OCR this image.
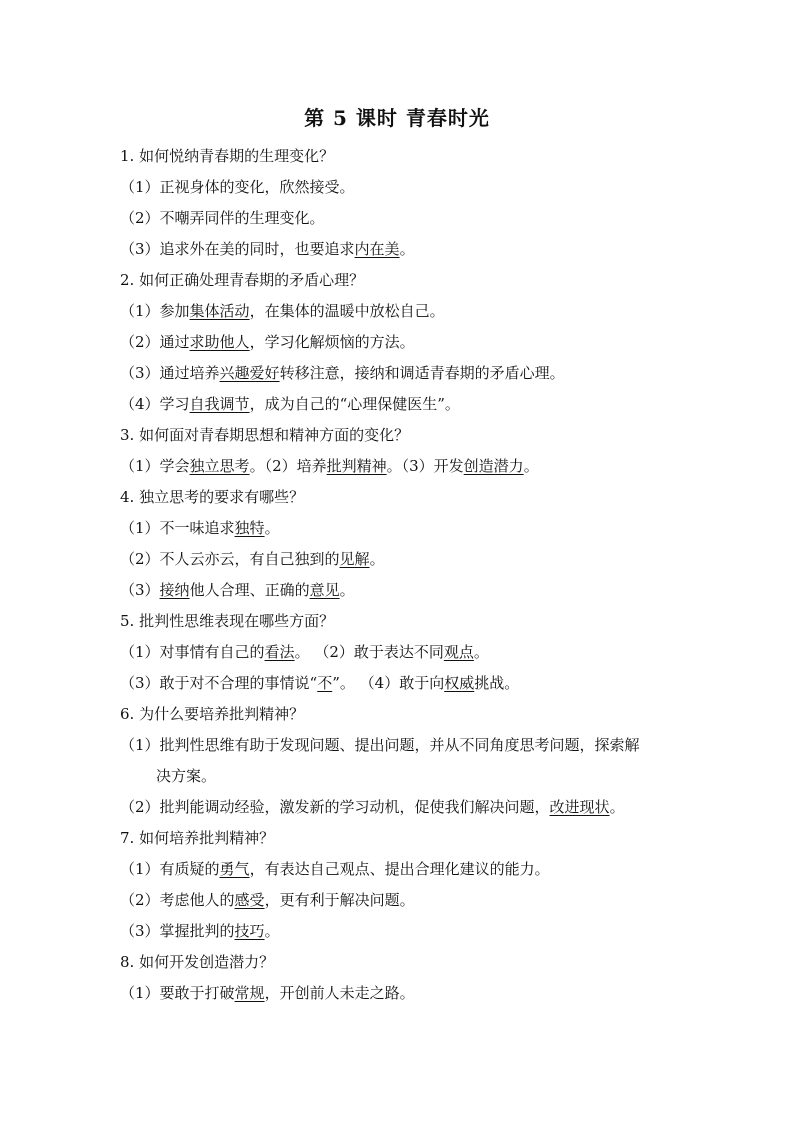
第 5 课时 青春时光
1. 如何悦纳青春期的生理变化？
（1）正视身体的变化，欣然接受。
（2）不嘲弄同伴的生理变化。
（3）追求外在美的同时，也要追求内在美。
2. 如何正确处理青春期的矛盾心理？
（1）参加集体活动，在集体的温暖中放松自己。
（2）通过求助他人，学习化解烦恼的方法。
（3）通过培养兴趣爱好转移注意，接纳和调适青春期的矛盾心理。
（4）学习自我调节，成为自己的“心理保健医生”。
3. 如何面对青春期思想和精神方面的变化？
（1）学会独立思考。（2）培养批判精神。（3）开发创造潜力。
4. 独立思考的要求有哪些？
（1）不一味追求独特。
（2）不人云亦云，有自己独到的见解。
（3）接纳他人合理、正确的意见。
5. 批判性思维表现在哪些方面？
（1）对事情有自己的看法。 （2）敢于表达不同观点。
（3）敢于对不合理的事情说“不”。 （4）敢于向权威挑战。
6. 为什么要培养批判精神？
（1）批判性思维有助于发现问题、提出问题，并从不同角度思考问题，探索解
决方案。
（2）批判能调动经验，激发新的学习动机，促使我们解决问题，改进现状。
7. 如何培养批判精神？
（1）有质疑的勇气，有表达自己观点、提出合理化建议的能力。
（2）考虑他人的感受，更有利于解决问题。
（3）掌握批判的技巧。
8. 如何开发创造潜力？
（1）要敢于打破常规，开创前人未走之路。
